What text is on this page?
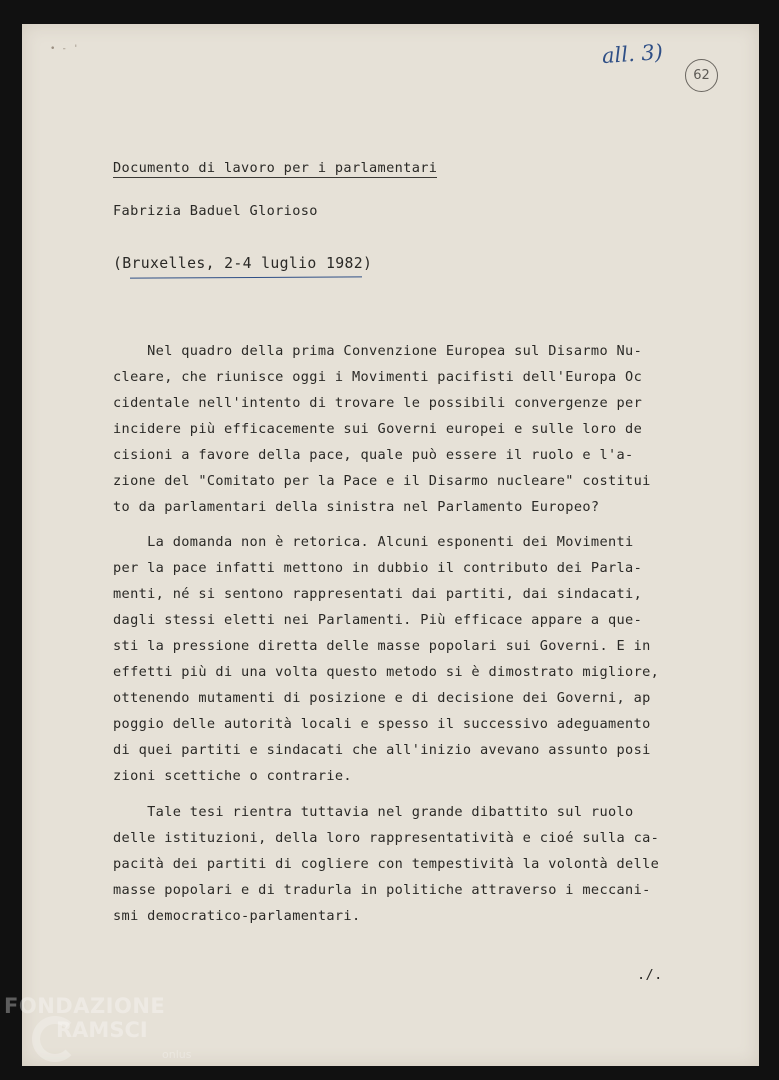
• - '	all. 3)
62

Documento di lavoro per i parlamentari

Fabrizia Baduel Glorioso

(Bruxelles, 2-4 luglio 1982)

Nel quadro della prima Convenzione Europea sul Disarmo Nu-

cleare, che riunisce oggi i Movimenti pacifisti dell'Europa Oc

cidentale nell'intento di trovare le possibili convergenze per

incidere più efficacemente sui Governi europei e sulle loro de

cisioni a favore della pace, quale può essere il ruolo e l'a-

zione del "Comitato per la Pace e il Disarmo nucleare" costitui

to da parlamentari della sinistra nel Parlamento Europeo?

La domanda non è retorica. Alcuni esponenti dei Movimenti

per la pace infatti mettono in dubbio il contributo dei Parla-

menti, né si sentono rappresentati dai partiti, dai sindacati,

dagli stessi eletti nei Parlamenti. Più efficace appare a que-

sti la pressione diretta delle masse popolari sui Governi. E in

effetti più di una volta questo metodo si è dimostrato migliore,

ottenendo mutamenti di posizione e di decisione dei Governi, ap

poggio delle autorità locali e spesso il successivo adeguamento

di quei partiti e sindacati che all'inizio avevano assunto posi

zioni scettiche o contrarie.

Tale tesi rientra tuttavia nel grande dibattito sul ruolo

delle istituzioni, della loro rappresentatività e cioé sulla ca-

pacità dei partiti di cogliere con tempestività la volontà delle

masse popolari e di tradurla in politiche attraverso i meccani-

smi democratico-parlamentari.

./.

FONDAZIONE
RAMSCI
onlus
